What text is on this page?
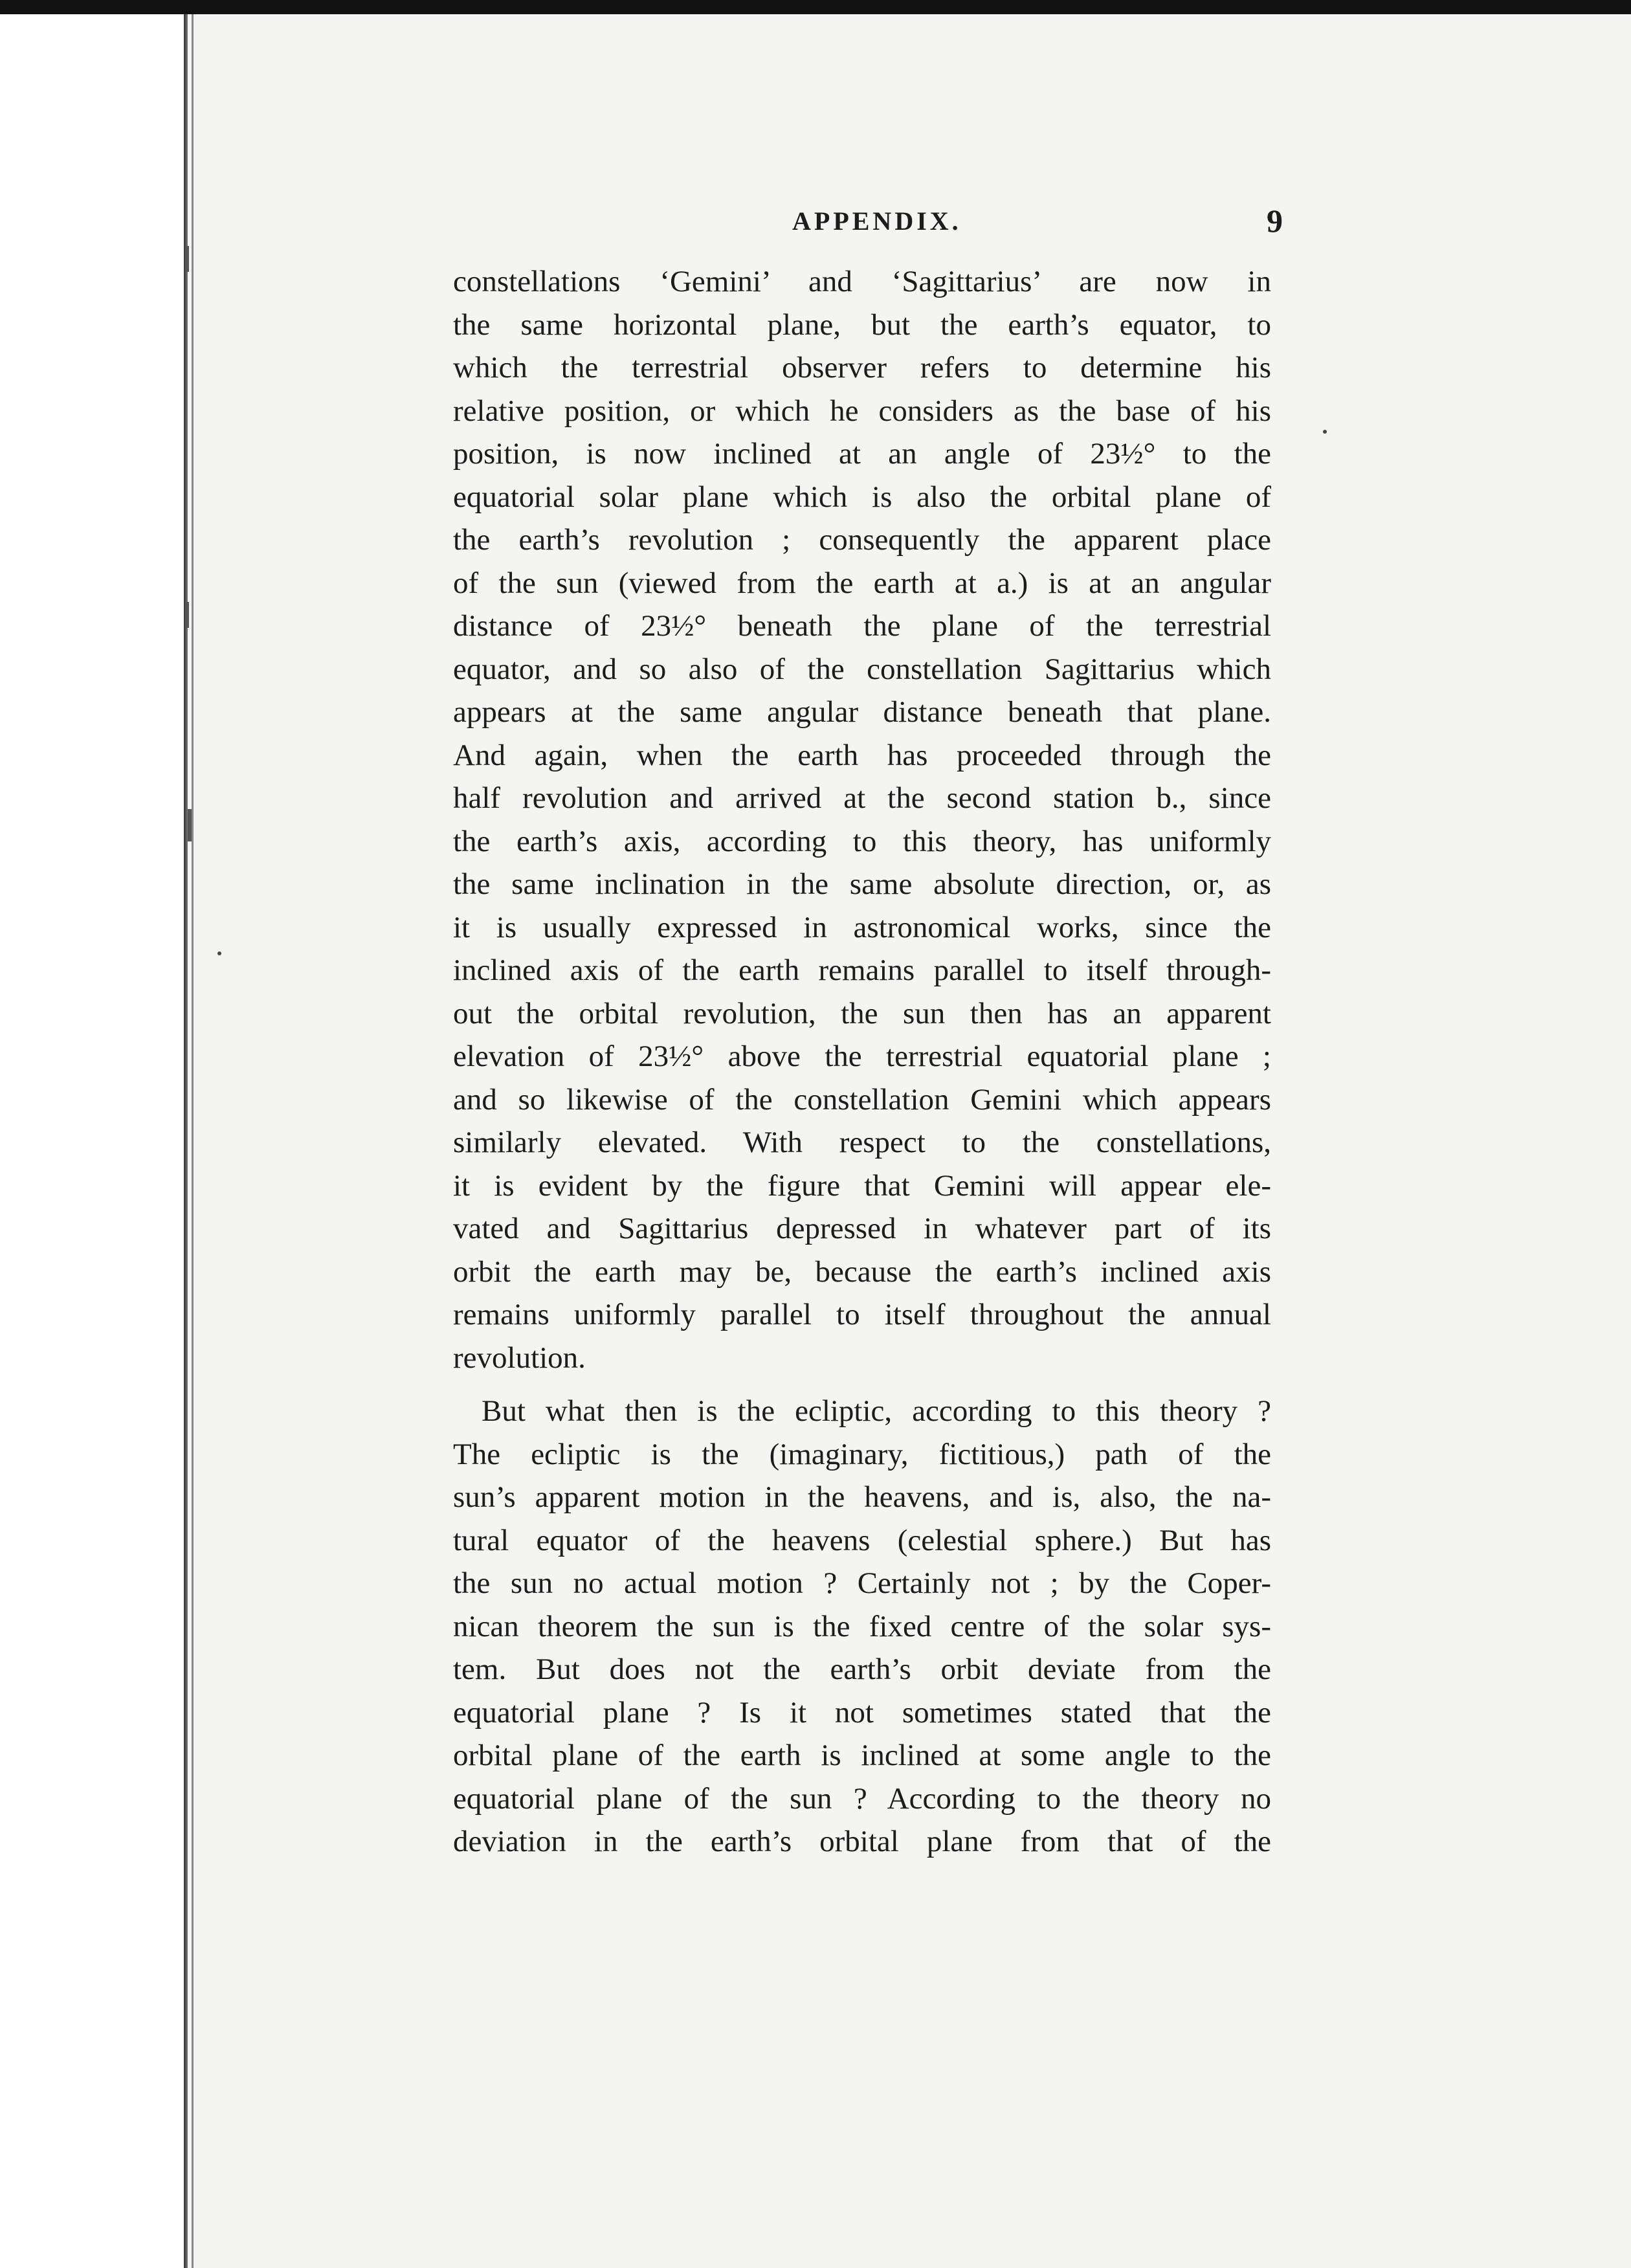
APPENDIX.	9
constellations ‘Gemini’ and ‘Sagittarius’ are now in
the same horizontal plane, but the earth’s equator, to
which the terrestrial observer refers to determine his
relative position, or which he considers as the base of his
position, is now inclined at an angle of 23½° to the
equatorial solar plane which is also the orbital plane of
the earth’s revolution ; consequently the apparent place
of the sun (viewed from the earth at a.) is at an angular
distance of 23½° beneath the plane of the terrestrial
equator, and so also of the constellation Sagittarius which
appears at the same angular distance beneath that plane.
And again, when the earth has proceeded through the
half revolution and arrived at the second station b., since
the earth’s axis, according to this theory, has uniformly
the same inclination in the same absolute direction, or, as
it is usually expressed in astronomical works, since the
inclined axis of the earth remains parallel to itself through-
out the orbital revolution, the sun then has an apparent
elevation of 23½° above the terrestrial equatorial plane ;
and so likewise of the constellation Gemini which appears
similarly elevated. With respect to the constellations,
it is evident by the figure that Gemini will appear ele-
vated and Sagittarius depressed in whatever part of its
orbit the earth may be, because the earth’s inclined axis
remains uniformly parallel to itself throughout the annual
revolution.
But what then is the ecliptic, according to this theory ?
The ecliptic is the (imaginary, fictitious,) path of the
sun’s apparent motion in the heavens, and is, also, the na-
tural equator of the heavens (celestial sphere.) But has
the sun no actual motion ? Certainly not ; by the Coper-
nican theorem the sun is the fixed centre of the solar sys-
tem. But does not the earth’s orbit deviate from the
equatorial plane ? Is it not sometimes stated that the
orbital plane of the earth is inclined at some angle to the
equatorial plane of the sun ? According to the theory no
deviation in the earth’s orbital plane from that of the
